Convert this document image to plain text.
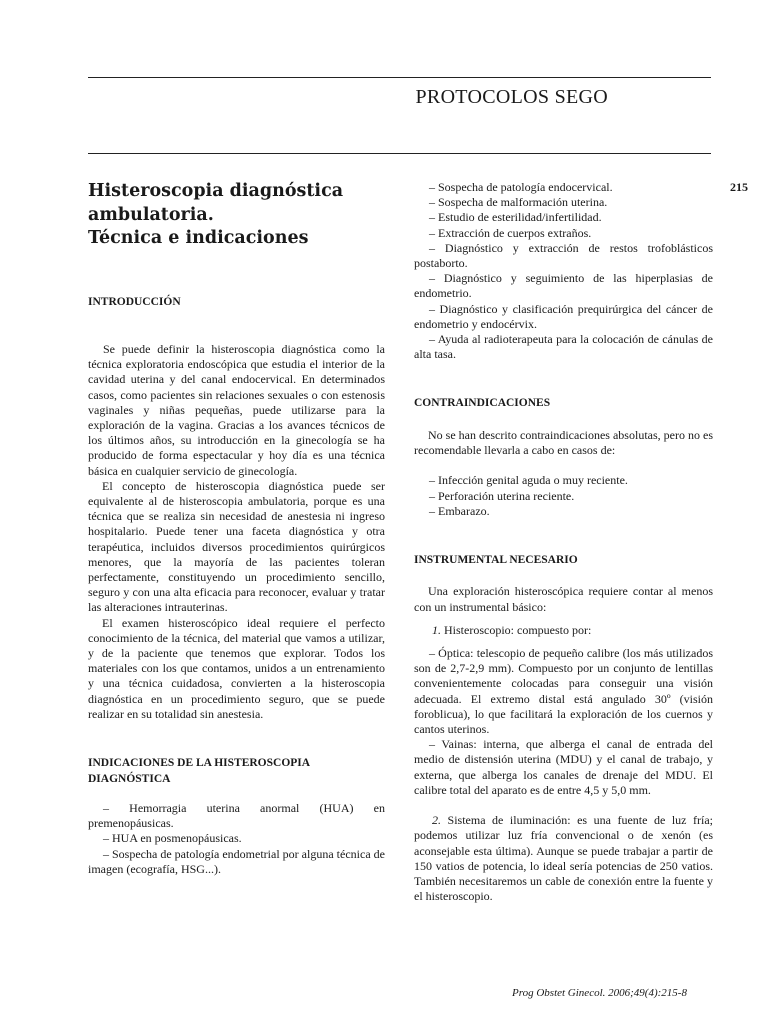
PROTOCOLOS SEGO
215
Histeroscopia diagnóstica
ambulatoria.
Técnica e indicaciones
INTRODUCCIÓN

Se puede definir la histeroscopia diagnóstica como la técnica exploratoria endoscópica que estudia el interior de la cavidad uterina y del canal endocervical. En determinados casos, como pacientes sin relaciones sexuales o con estenosis vaginales y niñas pequeñas, puede utilizarse para la exploración de la vagina. Gracias a los avances técnicos de los últimos años, su introducción en la ginecología se ha producido de forma espectacular y hoy día es una técnica básica en cualquier servicio de ginecología.

El concepto de histeroscopia diagnóstica puede ser equivalente al de histeroscopia ambulatoria, porque es una técnica que se realiza sin necesidad de anestesia ni ingreso hospitalario. Puede tener una faceta diagnóstica y otra terapéutica, incluidos diversos procedimientos quirúrgicos menores, que la mayoría de las pacientes toleran perfectamente, constituyendo un procedimiento sencillo, seguro y con una alta eficacia para reconocer, evaluar y tratar las alteraciones intrauterinas.

El examen histeroscópico ideal requiere el perfecto conocimiento de la técnica, del material que vamos a utilizar, y de la paciente que tenemos que explorar. Todos los materiales con los que contamos, unidos a un entrenamiento y una técnica cuidadosa, convierten a la histeroscopia diagnóstica en un procedimiento seguro, que se puede realizar en su totalidad sin anestesia.

INDICACIONES DE LA HISTEROSCOPIA
DIAGNÓSTICA

– Hemorragia uterina anormal (HUA) en premenopáusicas.

– HUA en posmenopáusicas.

– Sospecha de patología endometrial por alguna técnica de imagen (ecografía, HSG...).

– Sospecha de patología endocervical.

– Sospecha de malformación uterina.

– Estudio de esterilidad/infertilidad.

– Extracción de cuerpos extraños.

– Diagnóstico y extracción de restos trofoblásticos postaborto.

– Diagnóstico y seguimiento de las hiperplasias de endometrio.

– Diagnóstico y clasificación prequirúrgica del cáncer de endometrio y endocérvix.

– Ayuda al radioterapeuta para la colocación de cánulas de alta tasa.

CONTRAINDICACIONES

No se han descrito contraindicaciones absolutas, pero no es recomendable llevarla a cabo en casos de:

– Infección genital aguda o muy reciente.

– Perforación uterina reciente.

– Embarazo.

INSTRUMENTAL NECESARIO

Una exploración histeroscópica requiere contar al menos con un instrumental básico:

1. Histeroscopio: compuesto por:

– Óptica: telescopio de pequeño calibre (los más utilizados son de 2,7-2,9 mm). Compuesto por un conjunto de lentillas convenientemente colocadas para conseguir una visión adecuada. El extremo distal está angulado 30º (visión foroblicua), lo que facilitará la exploración de los cuernos y cantos uterinos.

– Vainas: interna, que alberga el canal de entrada del medio de distensión uterina (MDU) y el canal de trabajo, y externa, que alberga los canales de drenaje del MDU. El calibre total del aparato es de entre 4,5 y 5,0 mm.

2. Sistema de iluminación: es una fuente de luz fría; podemos utilizar luz fría convencional o de xenón (es aconsejable esta última). Aunque se puede trabajar a partir de 150 vatios de potencia, lo ideal sería potencias de 250 vatios. También necesitaremos un cable de conexión entre la fuente y el histeroscopio.

Prog Obstet Ginecol. 2006;49(4):215-8
